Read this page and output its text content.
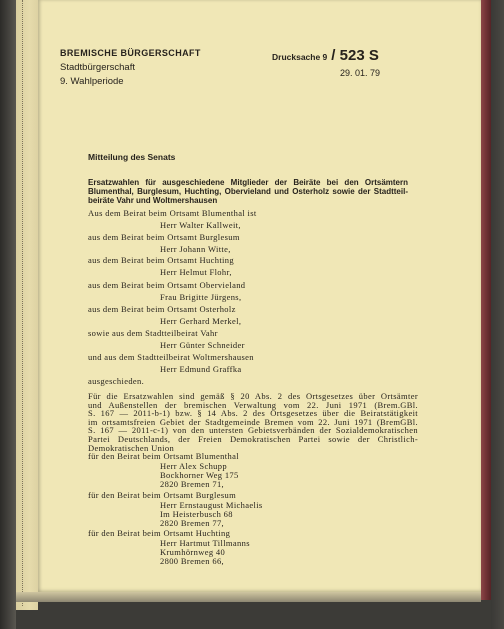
BREMISCHE BÜRGERSCHAFT
Stadtbürgerschaft
9. Wahlperiode
Drucksache 9 / 523 S
29. 01. 79
Mitteilung des Senats
Ersatzwahlen für ausgeschiedene Mitglieder der Beiräte bei den Ortsämtern
Blumenthal, Burglesum, Huchting, Obervieland und Osterholz sowie der Stadtteil-
beiräte Vahr und Woltmershausen
Aus dem Beirat beim Ortsamt Blumenthal ist
Herr Walter Kallweit,
aus dem Beirat beim Ortsamt Burglesum
Herr Johann Witte,
aus dem Beirat beim Ortsamt Huchting
Herr Helmut Flohr,
aus dem Beirat beim Ortsamt Obervieland
Frau Brigitte Jürgens,
aus dem Beirat beim Ortsamt Osterholz
Herr Gerhard Merkel,
sowie aus dem Stadtteilbeirat Vahr
Herr Günter Schneider
und aus dem Stadtteilbeirat Woltmershausen
Herr Edmund Graffka
ausgeschieden.
Für die Ersatzwahlen sind gemäß § 20 Abs. 2 des Ortsgesetzes über Ortsämter
und Außenstellen der bremischen Verwaltung vom 22. Juni 1971 (Brem.GBl.
S. 167 — 2011-b-1) bzw. § 14 Abs. 2 des Ortsgesetzes über die Beiratstätigkeit
im ortsamtsfreien Gebiet der Stadtgemeinde Bremen vom 22. Juni 1971 (BremGBl.
S. 167 — 2011-c-1) von den untersten Gebietsverbänden der Sozialdemokratischen
Partei Deutschlands, der Freien Demokratischen Partei sowie der Christlich-
Demokratischen Union
für den Beirat beim Ortsamt Blumenthal
Herr Alex Schupp
Bockhorner Weg 175
2820 Bremen 71,
für den Beirat beim Ortsamt Burglesum
Herr Ernstaugust Michaelis
Im Heisterbusch 68
2820 Bremen 77,
für den Beirat beim Ortsamt Huchting
Herr Hartmut Tillmanns
Krumhörnweg 40
2800 Bremen 66,
